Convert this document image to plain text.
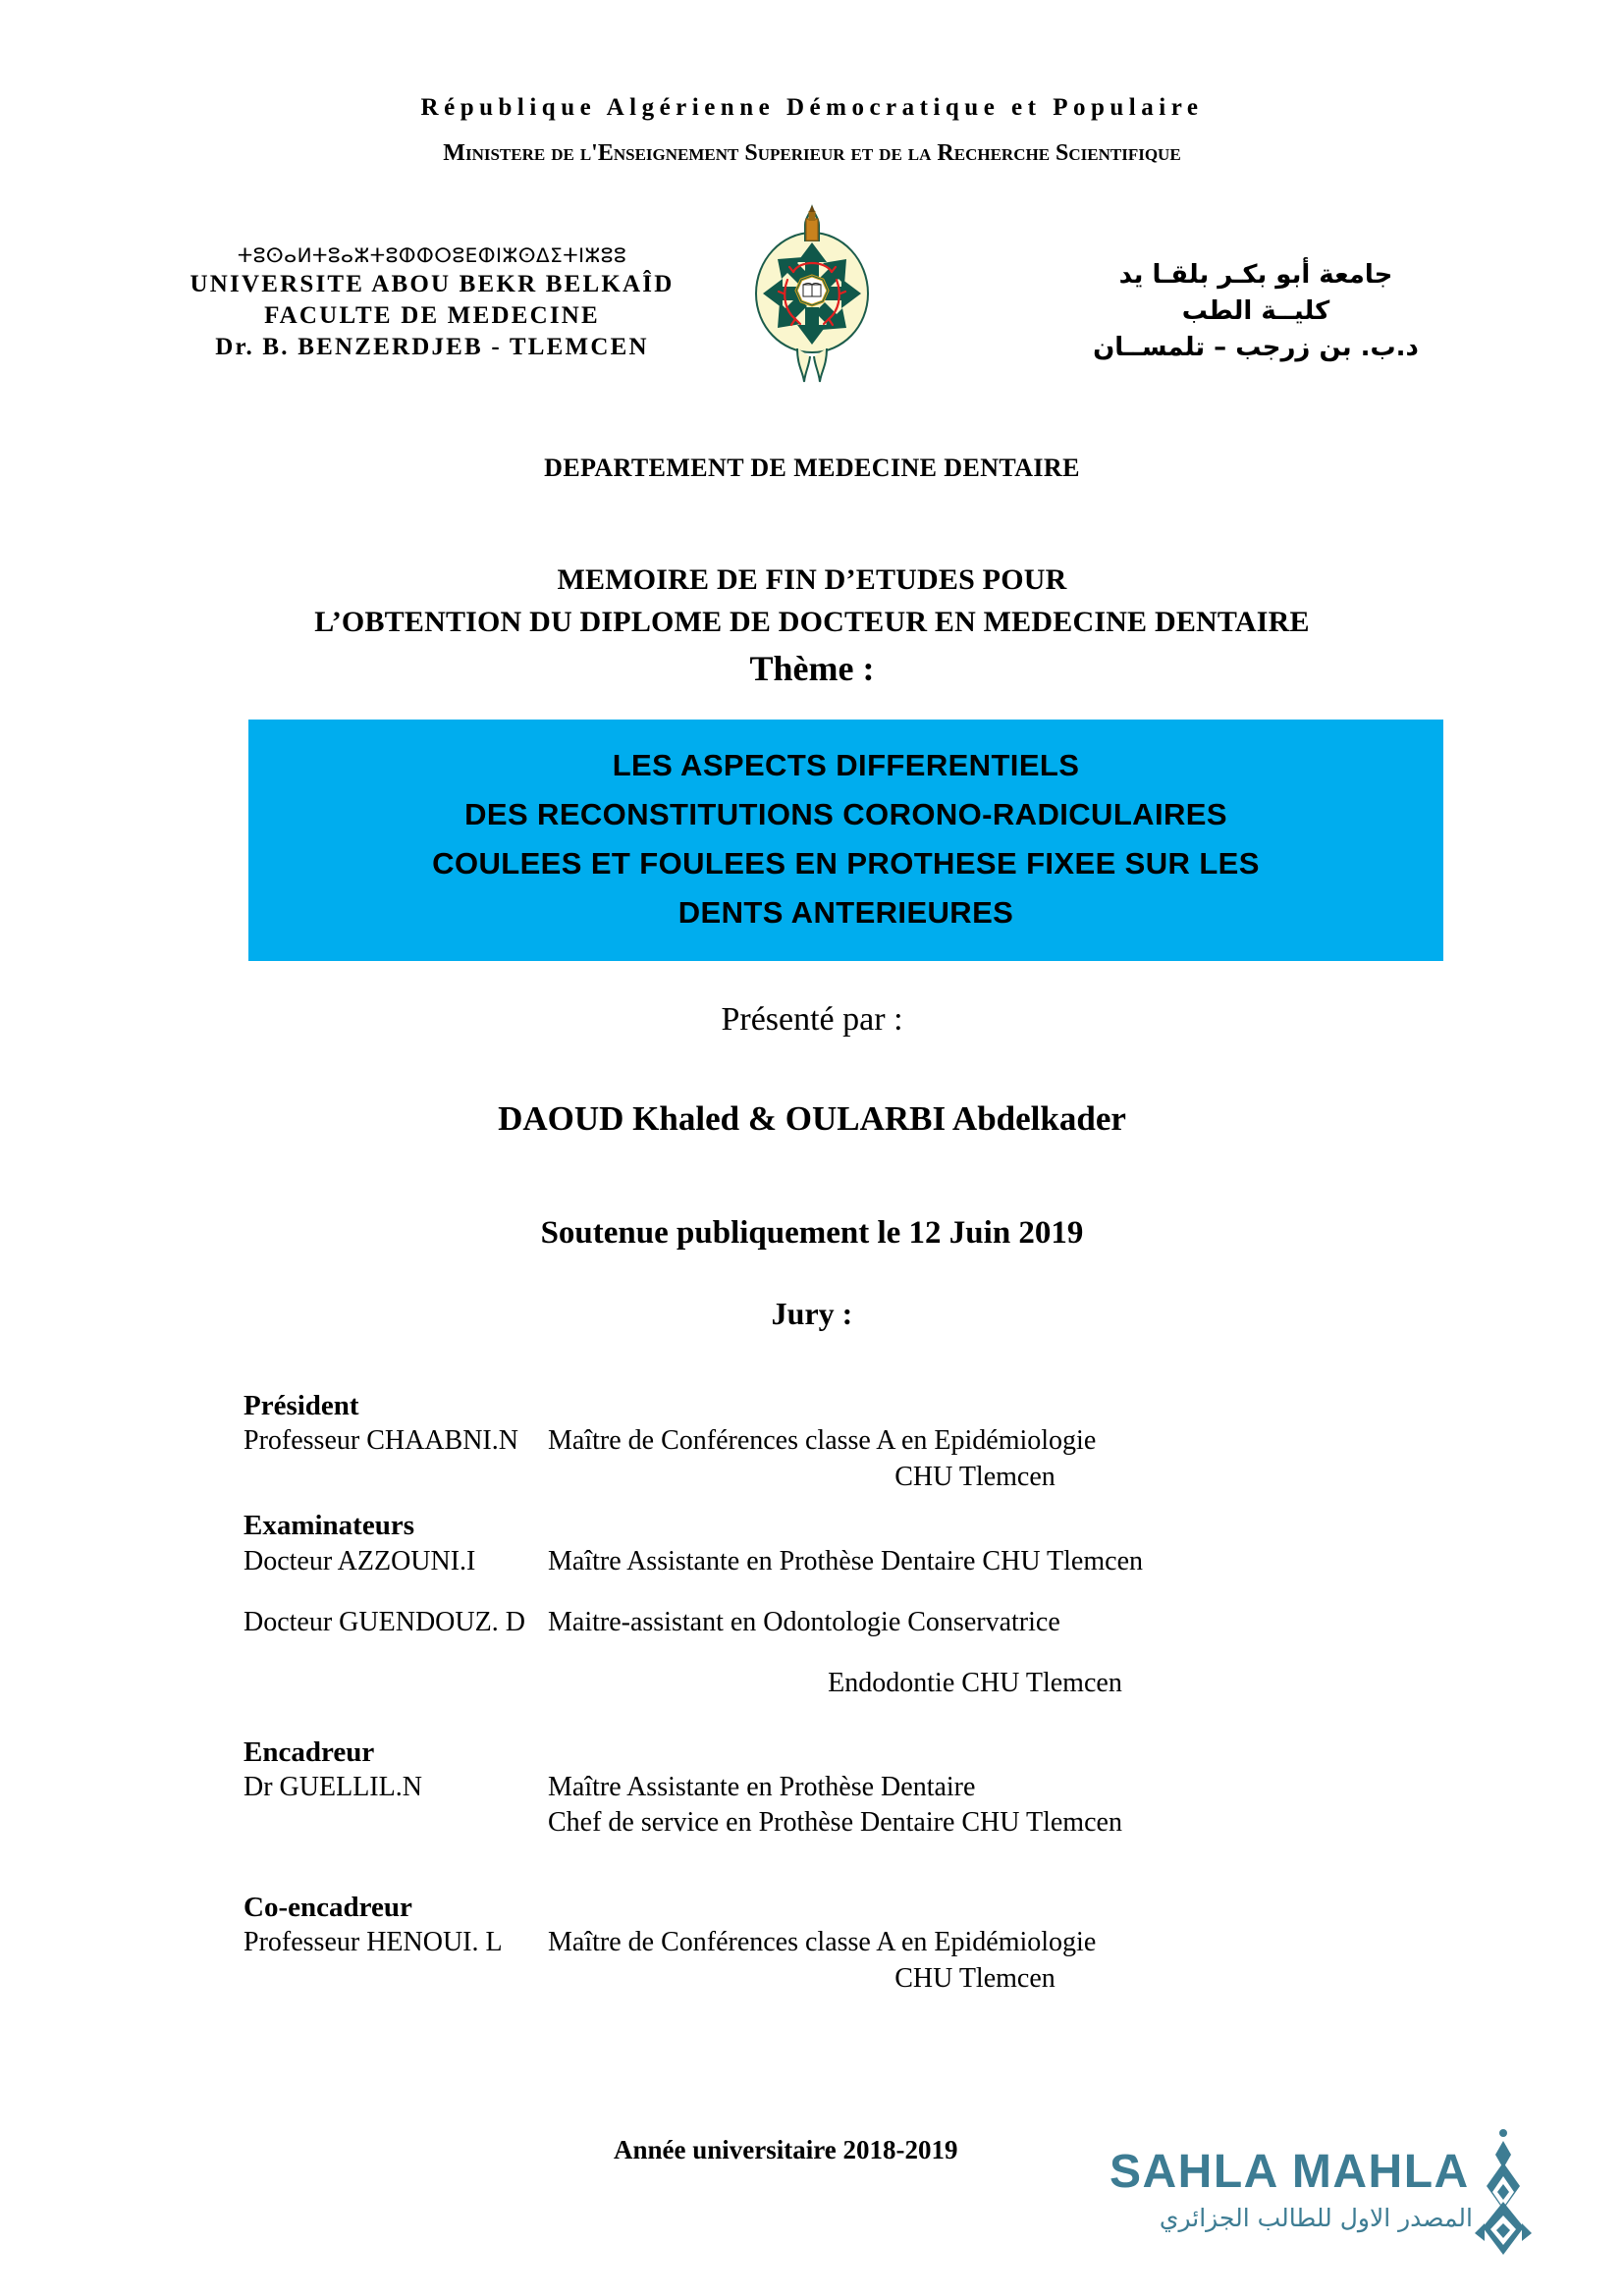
République Algérienne Démocratique et Populaire
Ministere de l'Enseignement Superieur et de la Recherche Scientifique
ⵜⵓⵙⴰⵍⵜⵓⴰⵣⵜⵓⵀⵀⵔⵓⴹⵀⵏⵣⵙⵠⵉⵜⵏⵣⵓⵓ
UNIVERSITE ABOU BEKR BELKAÎD
FACULTE DE MEDECINE
Dr. B. BENZERDJEB - TLEMCEN
جامعة أبو بكـر بلقـا يد
كليــة الطب
د.ب. بن زرجب – تلمســان
DEPARTEMENT DE MEDECINE DENTAIRE
MEMOIRE DE FIN D’ETUDES POUR
L’OBTENTION DU DIPLOME DE DOCTEUR EN MEDECINE DENTAIRE
Thème :
LES ASPECTS DIFFERENTIELS
DES RECONSTITUTIONS CORONO-RADICULAIRES
COULEES ET FOULEES EN PROTHESE FIXEE SUR LES
DENTS ANTERIEURES
Présenté par :
DAOUD Khaled & OULARBI Abdelkader
Soutenue publiquement le 12 Juin 2019
Jury :
Président
Professeur CHAABNI.N	Maître de Conférences classe A en Epidémiologie
CHU Tlemcen
Examinateurs
Docteur AZZOUNI.I	Maître Assistante en Prothèse Dentaire CHU Tlemcen
Docteur GUENDOUZ. D Maitre-assistant en Odontologie Conservatrice
Endodontie CHU Tlemcen
Encadreur
Dr GUELLIL.N	Maître Assistante en Prothèse Dentaire
Chef de service en Prothèse Dentaire CHU Tlemcen
Co-encadreur
Professeur HENOUI. L	Maître de Conférences classe A en Epidémiologie
CHU Tlemcen
Année universitaire 2018-2019	SAHLA MAHLA
المصدر الاول للطالب الجزائري
